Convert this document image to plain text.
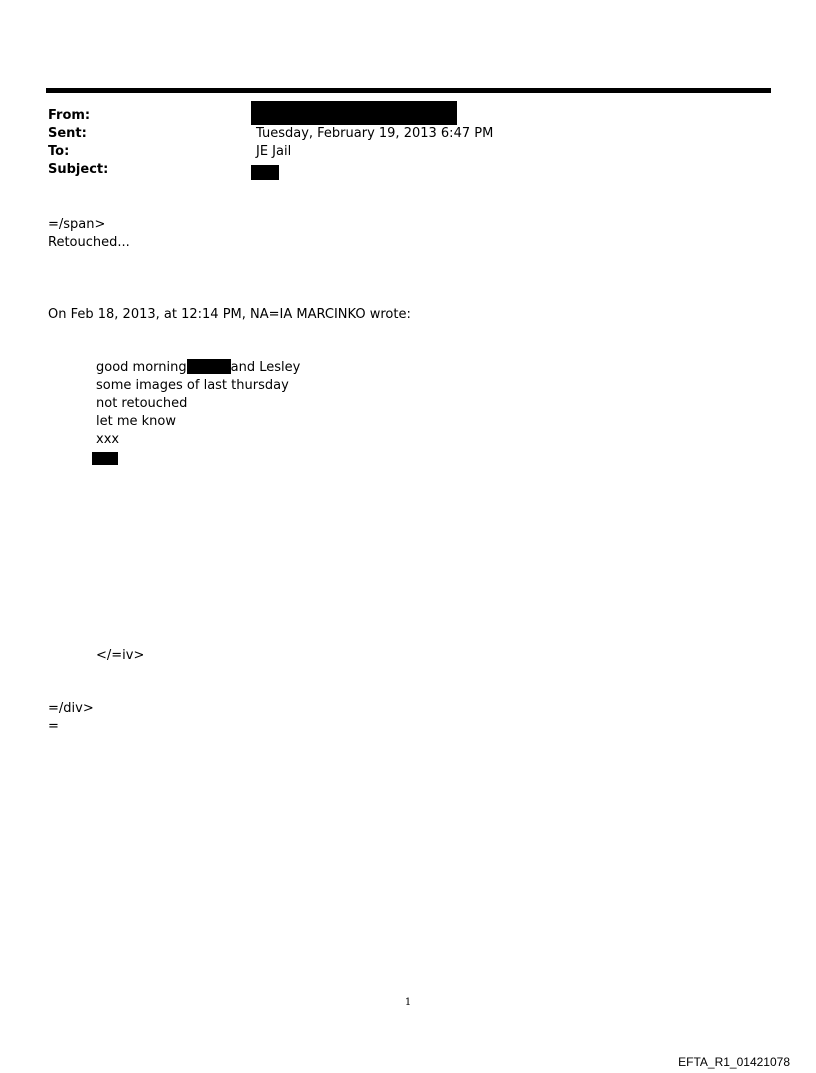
From:
Sent:	Tuesday, February 19, 2013 6:47 PM
To:	JE Jail
Subject:
=/span>
Retouched...
On Feb 18, 2013, at 12:14 PM, NA=IA MARCINKO wrote:
good morning	and Lesley
some images of last thursday
not retouched
let me know
xxx
</=iv>
=/div>
=
1
EFTA_R1_01421078
